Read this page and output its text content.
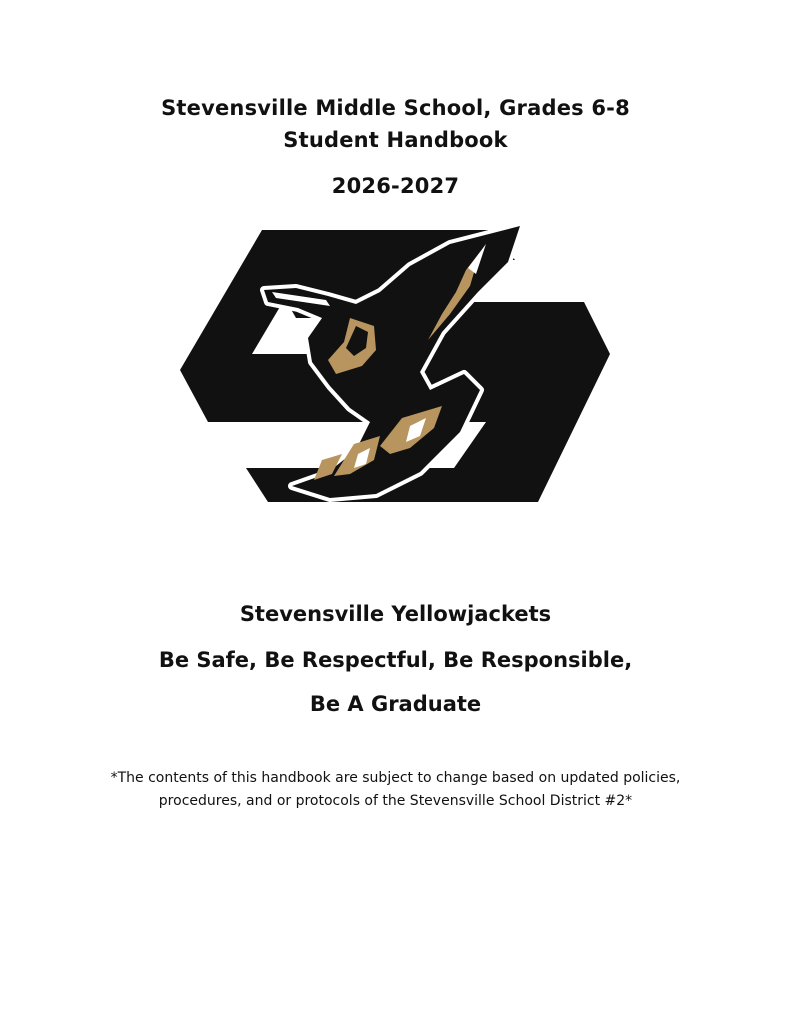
Stevensville Middle School, Grades 6-8
Student Handbook
2026-2027
Stevensville Yellowjackets
Be Safe, Be Respectful, Be Responsible,
Be A Graduate
*The contents of this handbook are subject to change based on updated policies,
procedures, and or protocols of the Stevensville School District #2*
